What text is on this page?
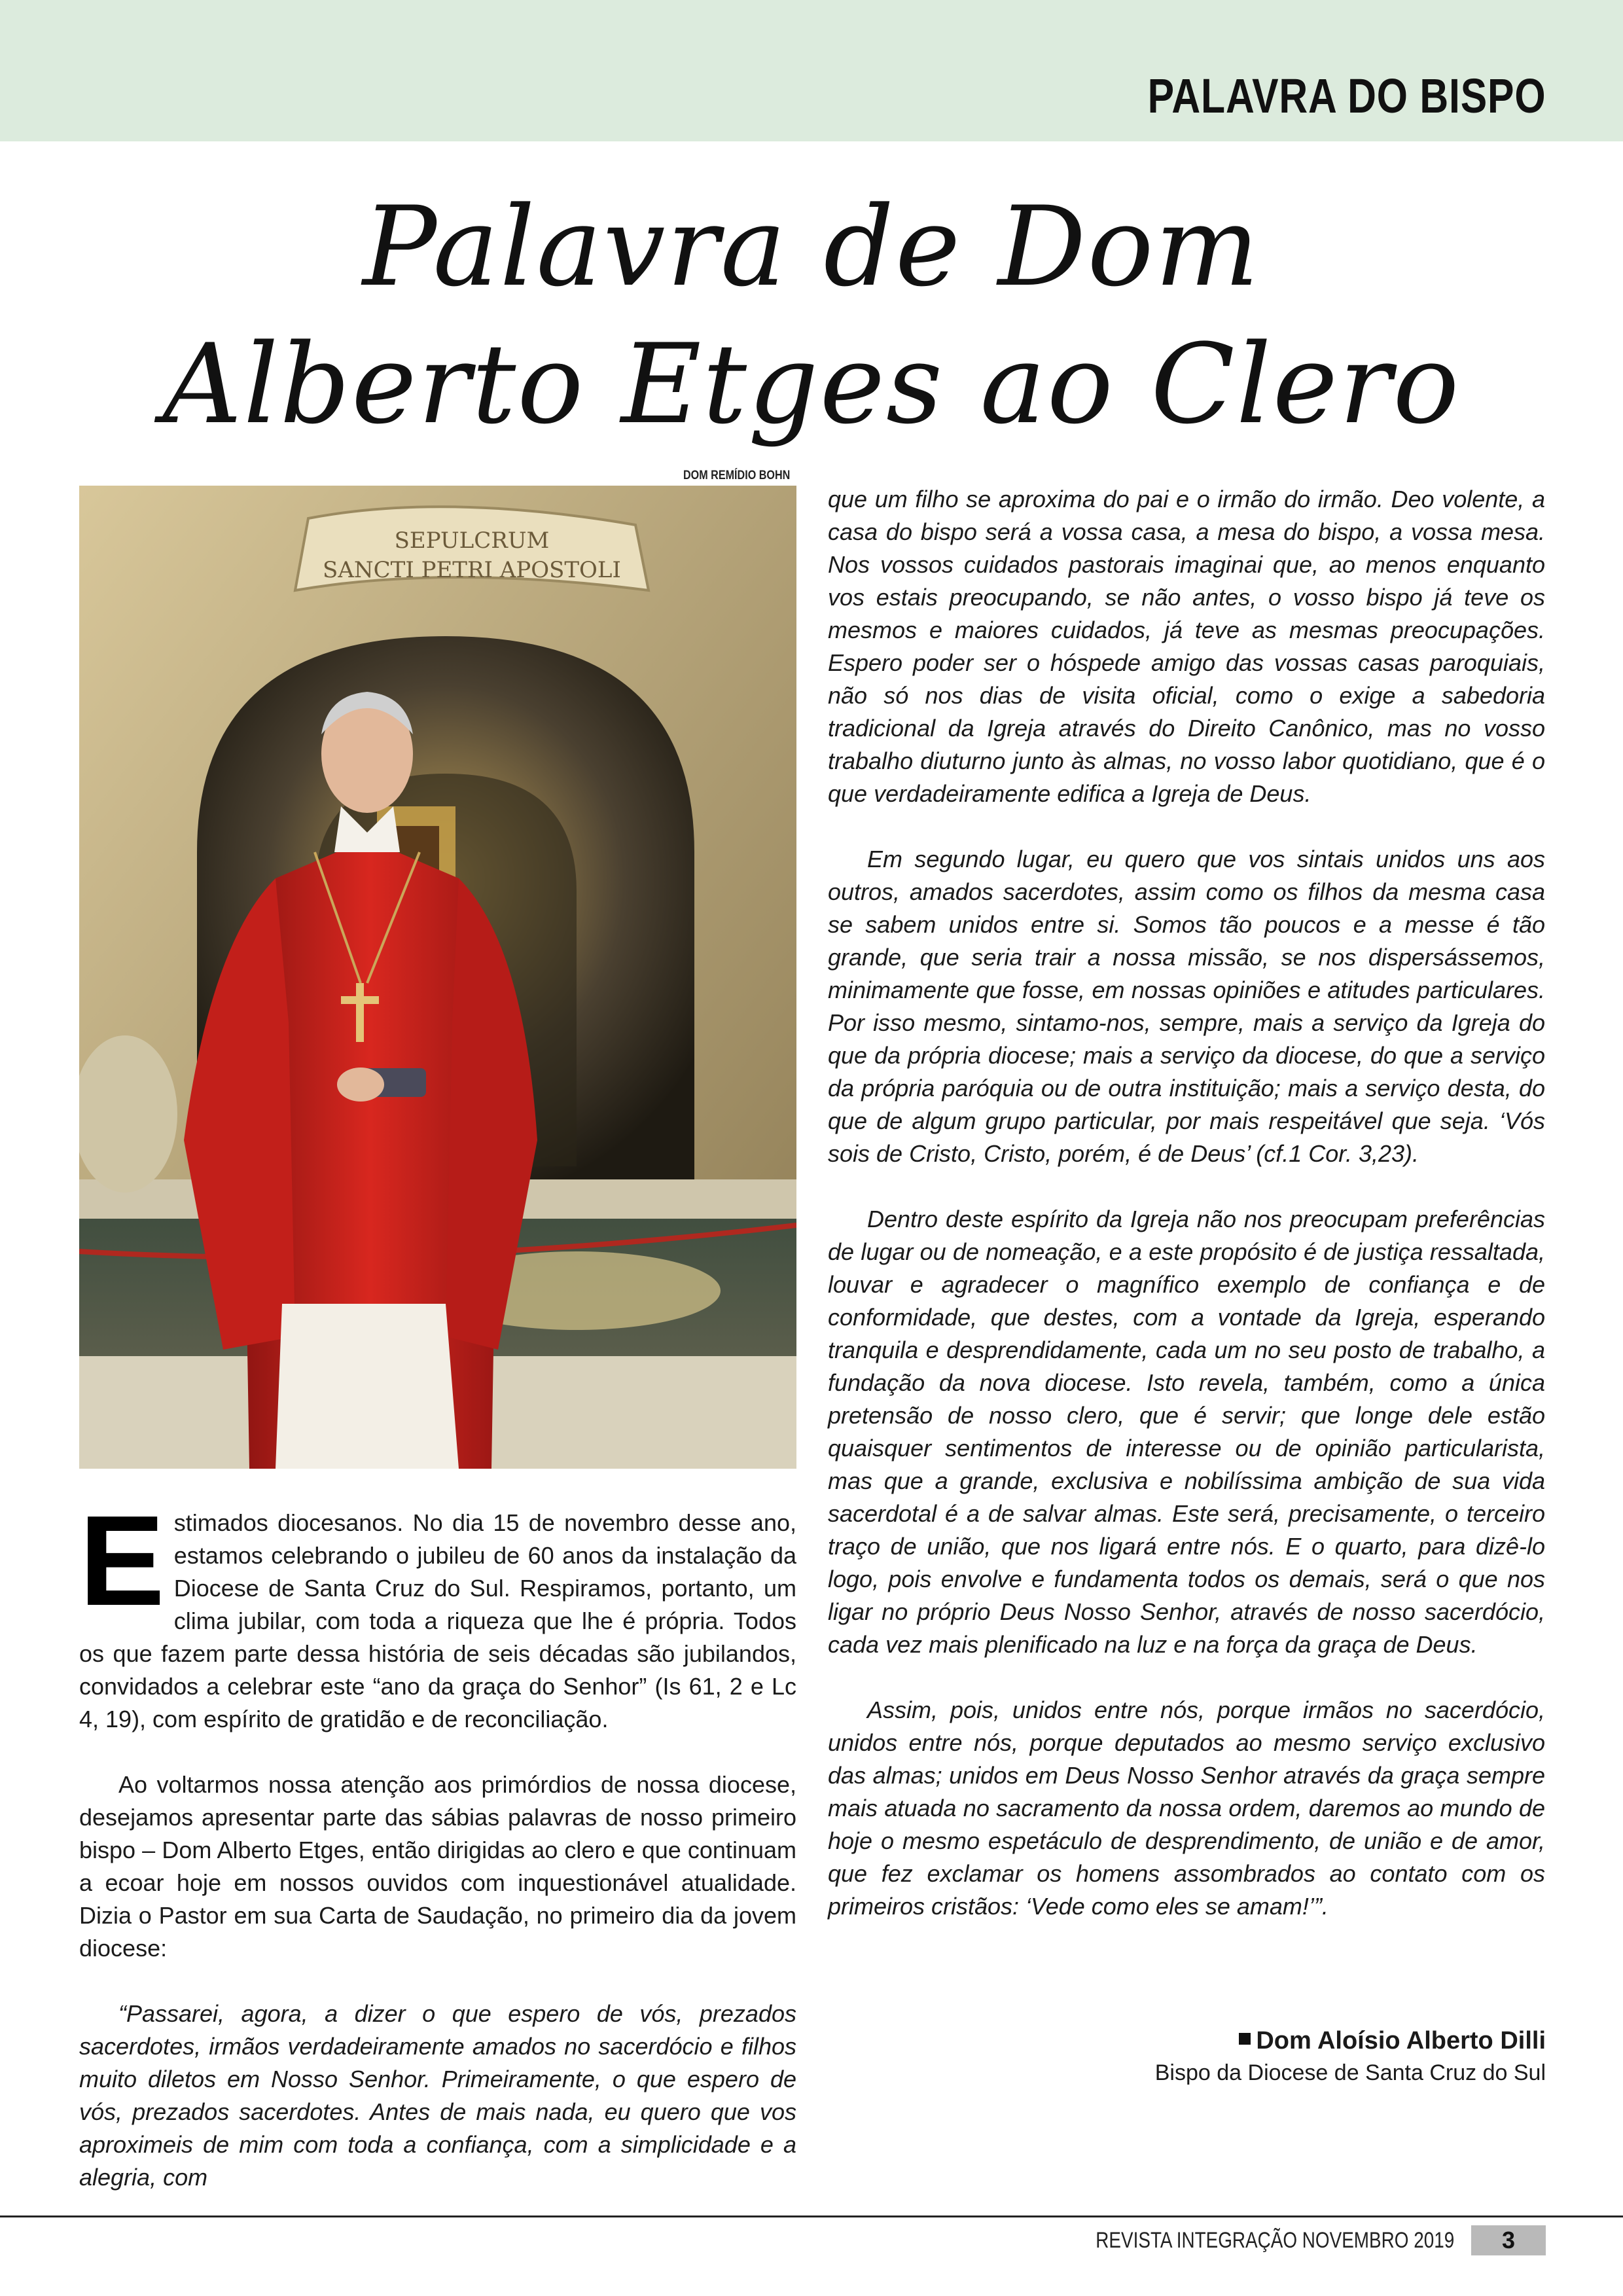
PALAVRA DO BISPO
Palavra de Dom
Alberto Etges ao Clero
DOM REMÍDIO BOHN
SEPULCRUM
SANCTI PETRI APOSTOLI

Estimados diocesanos. No dia 15 de novembro desse ano, estamos celebrando o jubileu de 60 anos da instalação da Diocese de Santa Cruz do Sul. Respiramos, portanto, um clima jubilar, com toda a riqueza que lhe é própria. Todos os que fazem parte dessa história de seis décadas são jubilandos, convidados a celebrar este “ano da graça do Senhor” (Is 61, 2 e Lc 4, 19), com espírito de gratidão e de reconciliação.

Ao voltarmos nossa atenção aos primórdios de nossa diocese, desejamos apresentar parte das sábias palavras de nosso primeiro bispo – Dom Alberto Etges, então dirigidas ao clero e que continuam a ecoar hoje em nossos ouvidos com inquestionável atualidade. Dizia o Pastor em sua Carta de Saudação, no primeiro dia da jovem diocese:

“Passarei, agora, a dizer o que espero de vós, prezados sacerdotes, irmãos verdadeiramente amados no sacerdócio e filhos muito diletos em Nosso Senhor. Primeiramente, o que espero de vós, prezados sacerdotes. Antes de mais nada, eu quero que vos aproximeis de mim com toda a confiança, com a simplicidade e a alegria, com

que um filho se aproxima do pai e o irmão do irmão. Deo volente, a casa do bispo será a vossa casa, a mesa do bispo, a vossa mesa. Nos vossos cuidados pastorais imaginai que, ao menos enquanto vos estais preocupando, se não antes, o vosso bispo já teve os mesmos e maiores cuidados, já teve as mesmas preocupações. Espero poder ser o hóspede amigo das vossas casas paroquiais, não só nos dias de visita oficial, como o exige a sabedoria tradicional da Igreja através do Direito Canônico, mas no vosso trabalho diuturno junto às almas, no vosso labor quotidiano, que é o que verdadeiramente edifica a Igreja de Deus.

Em segundo lugar, eu quero que vos sintais unidos uns aos outros, amados sacerdotes, assim como os filhos da mesma casa se sabem unidos entre si. Somos tão poucos e a messe é tão grande, que seria trair a nossa missão, se nos dispersássemos, minimamente que fosse, em nossas opiniões e atitudes particulares. Por isso mesmo, sintamo-nos, sempre, mais a serviço da Igreja do que da própria diocese; mais a serviço da diocese, do que a serviço da própria paróquia ou de outra instituição; mais a serviço desta, do que de algum grupo particular, por mais respeitável que seja. ‘Vós sois de Cristo, Cristo, porém, é de Deus’ (cf.1 Cor. 3,23).

Dentro deste espírito da Igreja não nos preocupam preferências de lugar ou de nomeação, e a este propósito é de justiça ressaltada, louvar e agradecer o magnífico exemplo de confiança e de conformidade, que destes, com a vontade da Igreja, esperando tranquila e desprendidamente, cada um no seu posto de trabalho, a fundação da nova diocese. Isto revela, também, como a única pretensão de nosso clero, que é servir; que longe dele estão quaisquer sentimentos de interesse ou de opinião particularista, mas que a grande, exclusiva e nobilíssima ambição de sua vida sacerdotal é a de salvar almas. Este será, precisamente, o terceiro traço de união, que nos ligará entre nós. E o quarto, para dizê-lo logo, pois envolve e fundamenta todos os demais, será o que nos ligar no próprio Deus Nosso Senhor, através de nosso sacerdócio, cada vez mais plenificado na luz e na força da graça de Deus.

Assim, pois, unidos entre nós, porque irmãos no sacerdócio, unidos entre nós, porque deputados ao mesmo serviço exclusivo das almas; unidos em Deus Nosso Senhor através da graça sempre mais atuada no sacramento da nossa ordem, daremos ao mundo de hoje o mesmo espetáculo de desprendimento, de união e de amor, que fez exclamar os homens assombrados ao contato com os primeiros cristãos: ‘Vede como eles se amam!’”.

Dom Aloísio Alberto Dilli
Bispo da Diocese de Santa Cruz do Sul
REVISTA INTEGRAÇÃO NOVEMBRO 2019	3
